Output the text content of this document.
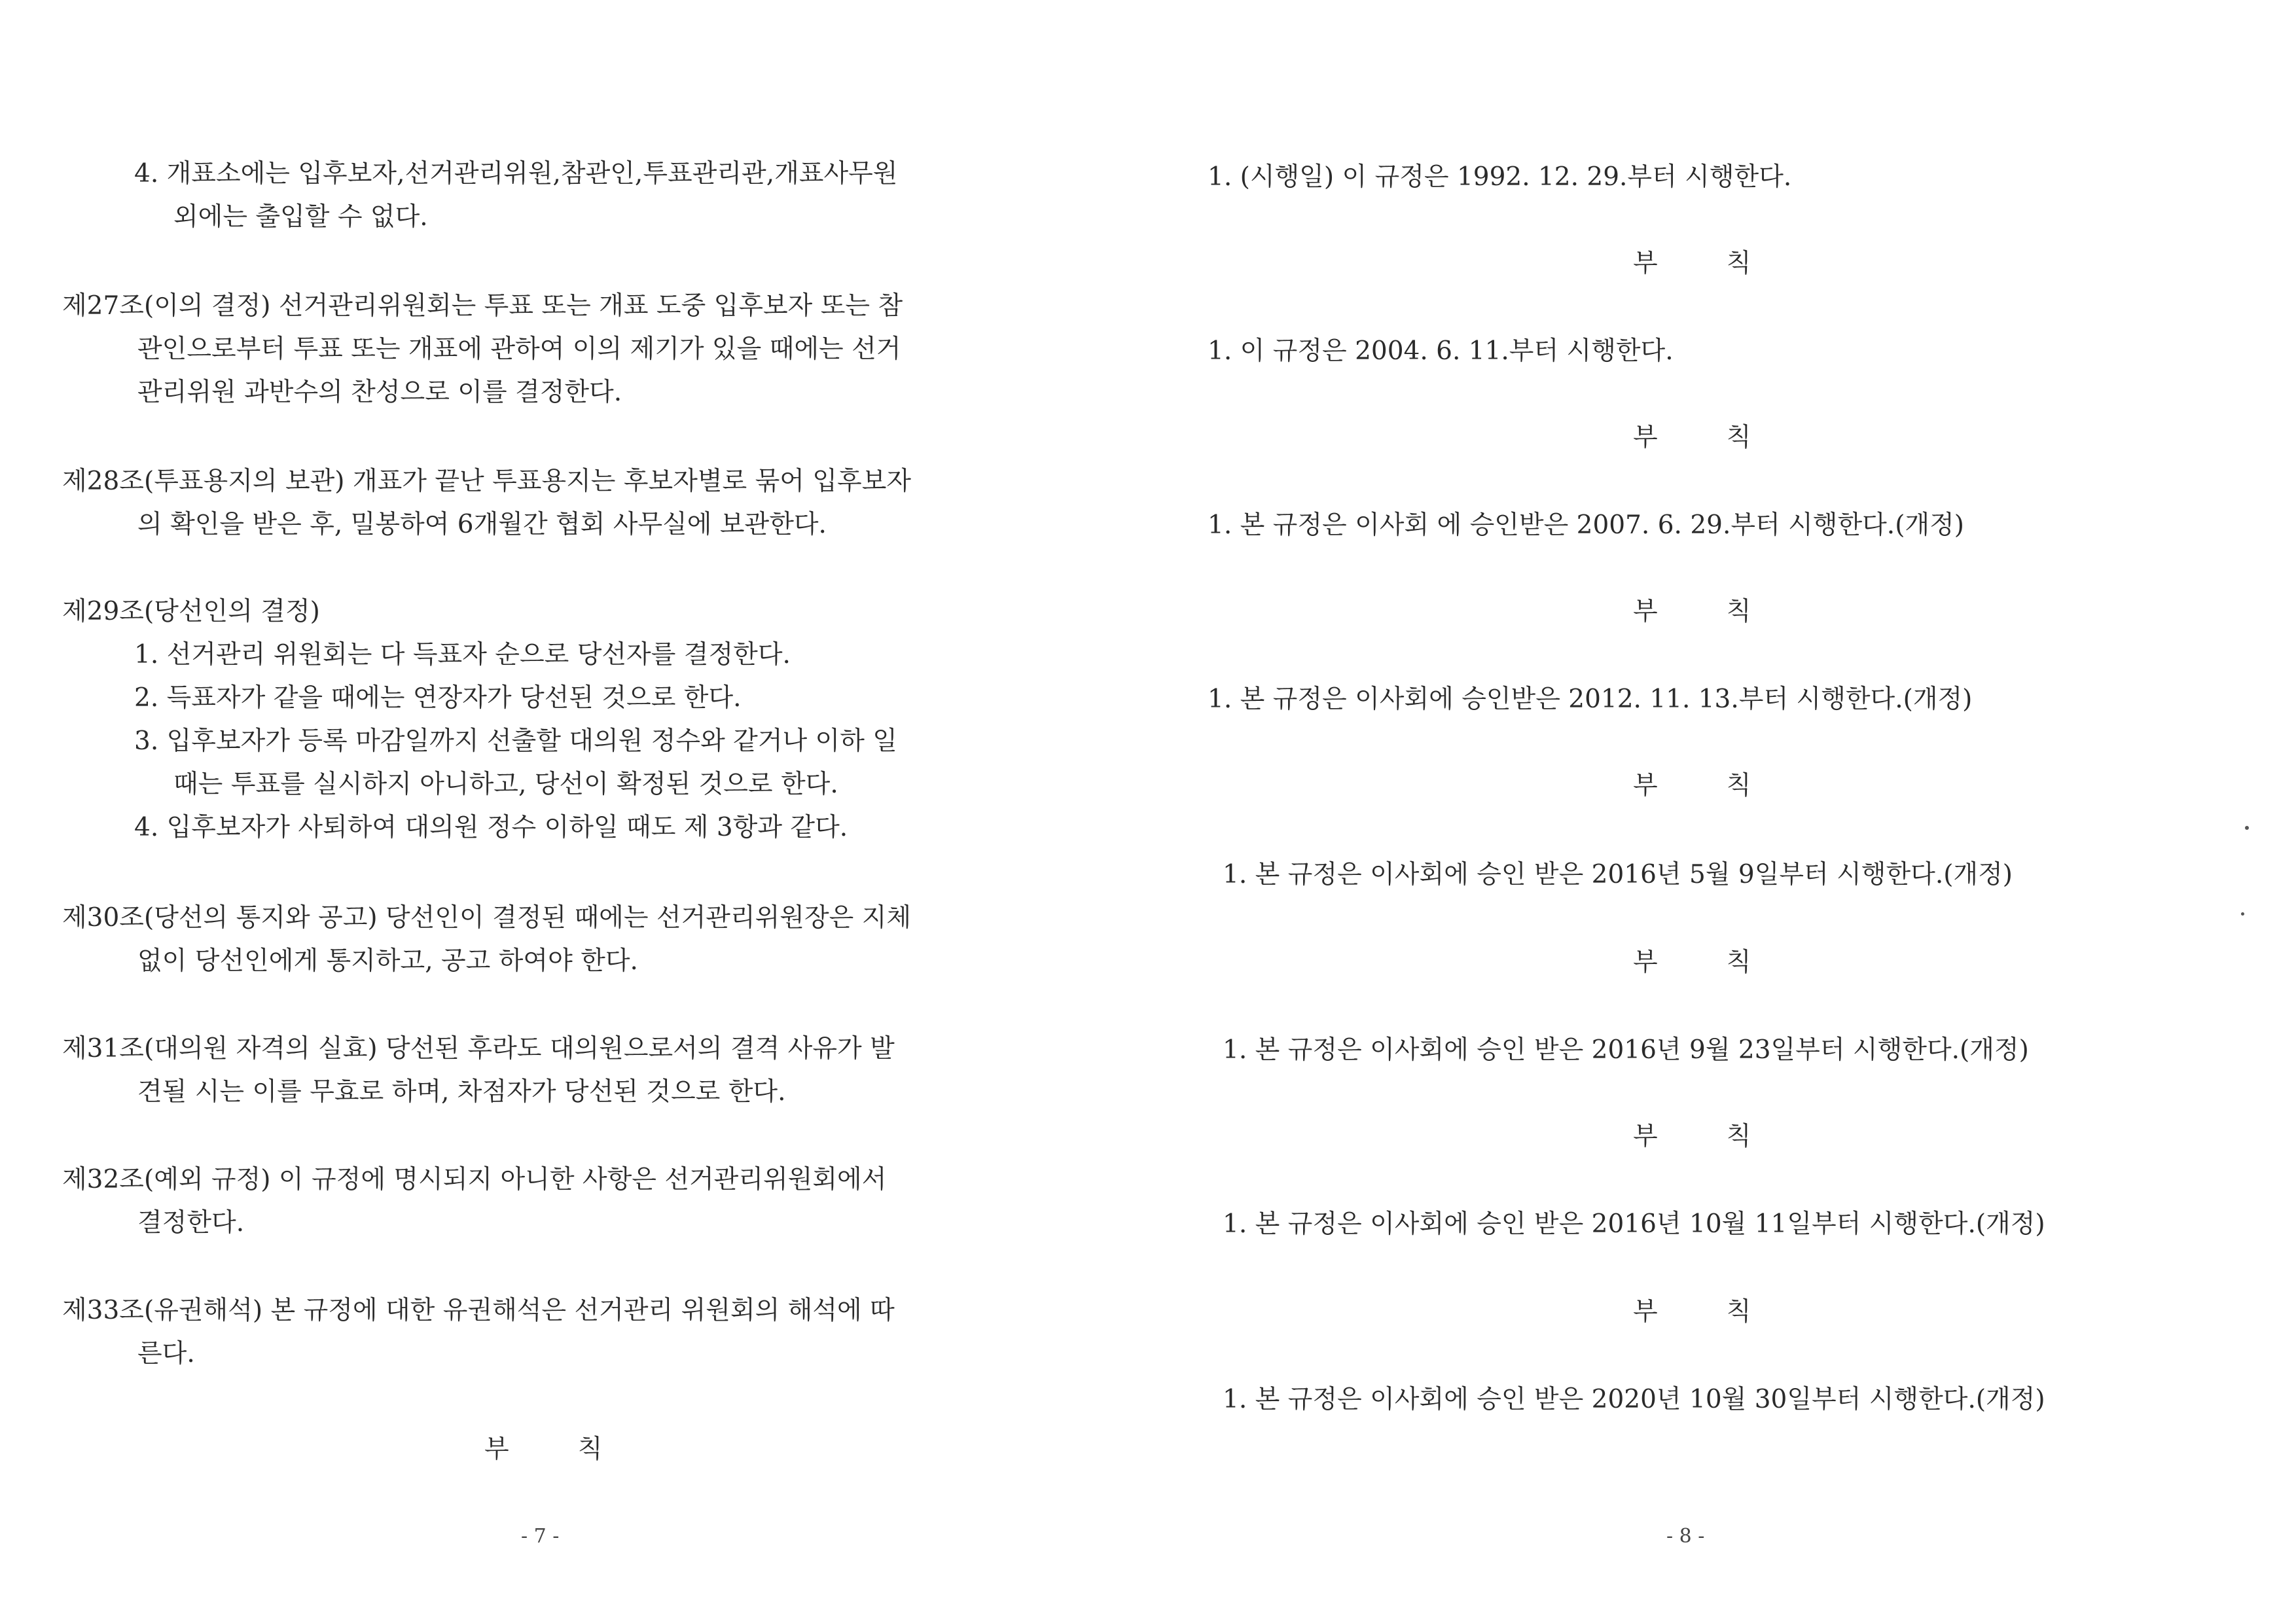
4. 개표소에는 입후보자,선거관리위원,참관인,투표관리관,개표사무원
외에는 출입할 수 없다.
제27조(이의 결정) 선거관리위원회는 투표 또는 개표 도중 입후보자 또는 참
관인으로부터 투표 또는 개표에 관하여 이의 제기가 있을 때에는 선거
관리위원 과반수의 찬성으로 이를 결정한다.
제28조(투표용지의 보관) 개표가 끝난 투표용지는 후보자별로 묶어 입후보자
의 확인을 받은 후, 밀봉하여 6개월간 협회 사무실에 보관한다.
제29조(당선인의 결정)
1. 선거관리 위원회는 다 득표자 순으로 당선자를 결정한다.
2. 득표자가 같을 때에는 연장자가 당선된 것으로 한다.
3. 입후보자가 등록 마감일까지 선출할 대의원 정수와 같거나 이하 일
때는 투표를 실시하지 아니하고, 당선이 확정된 것으로 한다.
4. 입후보자가 사퇴하여 대의원 정수 이하일 때도 제 3항과 같다.
제30조(당선의 통지와 공고) 당선인이 결정된 때에는 선거관리위원장은 지체
없이 당선인에게 통지하고, 공고 하여야 한다.
제31조(대의원 자격의 실효) 당선된 후라도 대의원으로서의 결격 사유가 발
견될 시는 이를 무효로 하며, 차점자가 당선된 것으로 한다.
제32조(예외 규정) 이 규정에 명시되지 아니한 사항은 선거관리위원회에서
결정한다.
제33조(유권해석) 본 규정에 대한 유권해석은 선거관리 위원회의 해석에 따
른다.
부	칙
- 7 -
1. (시행일) 이 규정은 1992. 12. 29.부터 시행한다.
부	칙
1. 이 규정은 2004. 6. 11.부터 시행한다.
부	칙
1. 본 규정은 이사회 에 승인받은 2007. 6. 29.부터 시행한다.(개정)
부	칙
1. 본 규정은 이사회에 승인받은 2012. 11. 13.부터 시행한다.(개정)
부	칙
1. 본 규정은 이사회에 승인 받은 2016년 5월 9일부터 시행한다.(개정)
부	칙
1. 본 규정은 이사회에 승인 받은 2016년 9월 23일부터 시행한다.(개정)
부	칙
1. 본 규정은 이사회에 승인 받은 2016년 10월 11일부터 시행한다.(개정)
부	칙
1. 본 규정은 이사회에 승인 받은 2020년 10월 30일부터 시행한다.(개정)
- 8 -
